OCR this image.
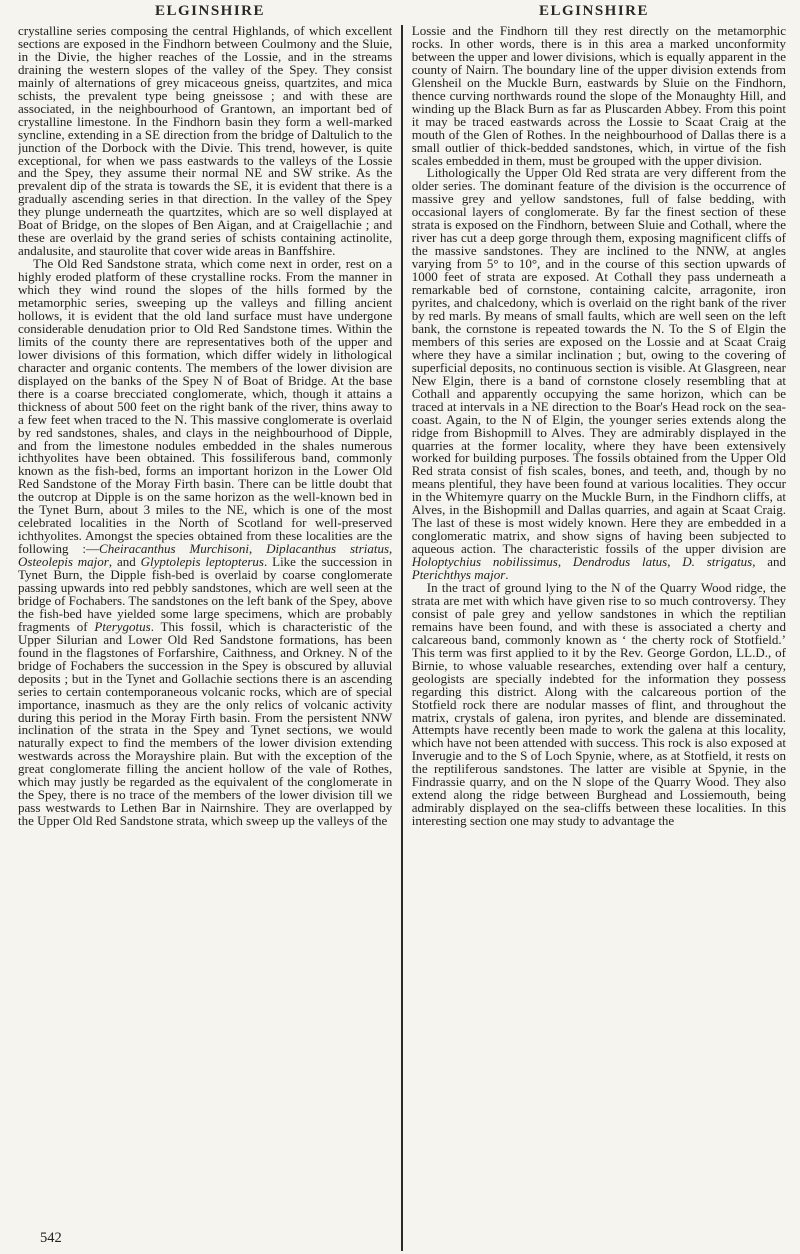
ELGINSHIRE	ELGINSHIRE

crystalline series composing the central Highlands, of which excellent sections are exposed in the Findhorn between Coulmony and the Sluie, in the Divie, the higher reaches of the Lossie, and in the streams draining the western slopes of the valley of the Spey. They consist mainly of alternations of grey micaceous gneiss, quartzites, and mica schists, the prevalent type being gneissose ; and with these are associated, in the neighbourhood of Grantown, an important bed of crystalline limestone. In the Findhorn basin they form a well-marked syncline, extending in a SE direction from the bridge of Daltulich to the junction of the Dorbock with the Divie. This trend, however, is quite exceptional, for when we pass eastwards to the valleys of the Lossie and the Spey, they assume their normal NE and SW strike. As the prevalent dip of the strata is towards the SE, it is evident that there is a gradually ascending series in that direction. In the valley of the Spey they plunge underneath the quartzites, which are so well displayed at Boat of Bridge, on the slopes of Ben Aigan, and at Craigellachie ; and these are overlaid by the grand series of schists containing actinolite, andalusite, and staurolite that cover wide areas in Banffshire.

The Old Red Sandstone strata, which come next in order, rest on a highly eroded platform of these crystalline rocks. From the manner in which they wind round the slopes of the hills formed by the metamorphic series, sweeping up the valleys and filling ancient hollows, it is evident that the old land surface must have undergone considerable denudation prior to Old Red Sandstone times. Within the limits of the county there are representatives both of the upper and lower divisions of this formation, which differ widely in lithological character and organic contents. The members of the lower division are displayed on the banks of the Spey N of Boat of Bridge. At the base there is a coarse brecciated conglomerate, which, though it attains a thickness of about 500 feet on the right bank of the river, thins away to a few feet when traced to the N. This massive conglomerate is overlaid by red sandstones, shales, and clays in the neighbourhood of Dipple, and from the limestone nodules embedded in the shales numerous ichthyolites have been obtained. This fossiliferous band, commonly known as the fish-bed, forms an important horizon in the Lower Old Red Sandstone of the Moray Firth basin. There can be little doubt that the outcrop at Dipple is on the same horizon as the well-known bed in the Tynet Burn, about 3 miles to the NE, which is one of the most celebrated localities in the North of Scotland for well-preserved ichthyolites. Amongst the species obtained from these localities are the following :—Cheiracanthus Murchisoni, Diplacanthus striatus, Osteolepis major, and Glyptolepis leptopterus. Like the succession in Tynet Burn, the Dipple fish-bed is overlaid by coarse conglomerate passing upwards into red pebbly sandstones, which are well seen at the bridge of Fochabers. The sandstones on the left bank of the Spey, above the fish-bed have yielded some large specimens, which are probably fragments of Pterygotus. This fossil, which is characteristic of the Upper Silurian and Lower Old Red Sandstone formations, has been found in the flagstones of Forfarshire, Caithness, and Orkney. N of the bridge of Fochabers the succession in the Spey is obscured by alluvial deposits ; but in the Tynet and Gollachie sections there is an ascending series to certain contemporaneous volcanic rocks, which are of special importance, inasmuch as they are the only relics of volcanic activity during this period in the Moray Firth basin. From the persistent NNW inclination of the strata in the Spey and Tynet sections, we would naturally expect to find the members of the lower division extending westwards across the Morayshire plain. But with the exception of the great conglomerate filling the ancient hollow of the vale of Rothes, which may justly be regarded as the equivalent of the conglomerate in the Spey, there is no trace of the members of the lower division till we pass westwards to Lethen Bar in Nairnshire. They are overlapped by the Upper Old Red Sandstone strata, which sweep up the valleys of the

Lossie and the Findhorn till they rest directly on the metamorphic rocks. In other words, there is in this area a marked unconformity between the upper and lower divisions, which is equally apparent in the county of Nairn. The boundary line of the upper division extends from Glensheil on the Muckle Burn, eastwards by Sluie on the Findhorn, thence curving northwards round the slope of the Monaughty Hill, and winding up the Black Burn as far as Pluscarden Abbey. From this point it may be traced eastwards across the Lossie to Scaat Craig at the mouth of the Glen of Rothes. In the neighbourhood of Dallas there is a small outlier of thick-bedded sandstones, which, in virtue of the fish scales embedded in them, must be grouped with the upper division.

Lithologically the Upper Old Red strata are very different from the older series. The dominant feature of the division is the occurrence of massive grey and yellow sandstones, full of false bedding, with occasional layers of conglomerate. By far the finest section of these strata is exposed on the Findhorn, between Sluie and Cothall, where the river has cut a deep gorge through them, exposing magnificent cliffs of the massive sandstones. They are inclined to the NNW, at angles varying from 5° to 10°, and in the course of this section upwards of 1000 feet of strata are exposed. At Cothall they pass underneath a remarkable bed of cornstone, containing calcite, arragonite, iron pyrites, and chalcedony, which is overlaid on the right bank of the river by red marls. By means of small faults, which are well seen on the left bank, the cornstone is repeated towards the N. To the S of Elgin the members of this series are exposed on the Lossie and at Scaat Craig where they have a similar inclination ; but, owing to the covering of superficial deposits, no continuous section is visible. At Glasgreen, near New Elgin, there is a band of cornstone closely resembling that at Cothall and apparently occupying the same horizon, which can be traced at intervals in a NE direction to the Boar's Head rock on the sea-coast. Again, to the N of Elgin, the younger series extends along the ridge from Bishopmill to Alves. They are admirably displayed in the quarries at the former locality, where they have been extensively worked for building purposes. The fossils obtained from the Upper Old Red strata consist of fish scales, bones, and teeth, and, though by no means plentiful, they have been found at various localities. They occur in the Whitemyre quarry on the Muckle Burn, in the Findhorn cliffs, at Alves, in the Bishopmill and Dallas quarries, and again at Scaat Craig. The last of these is most widely known. Here they are embedded in a conglomeratic matrix, and show signs of having been subjected to aqueous action. The characteristic fossils of the upper division are Holoptychius nobilissimus, Dendrodus latus, D. strigatus, and Pterichthys major.

In the tract of ground lying to the N of the Quarry Wood ridge, the strata are met with which have given rise to so much controversy. They consist of pale grey and yellow sandstones in which the reptilian remains have been found, and with these is associated a cherty and calcareous band, commonly known as ‘ the cherty rock of Stotfield.’ This term was first applied to it by the Rev. George Gordon, LL.D., of Birnie, to whose valuable researches, extending over half a century, geologists are specially indebted for the information they possess regarding this district. Along with the calcareous portion of the Stotfield rock there are nodular masses of flint, and throughout the matrix, crystals of galena, iron pyrites, and blende are disseminated. Attempts have recently been made to work the galena at this locality, which have not been attended with success. This rock is also exposed at Inverugie and to the S of Loch Spynie, where, as at Stotfield, it rests on the reptiliferous sandstones. The latter are visible at Spynie, in the Findrassie quarry, and on the N slope of the Quarry Wood. They also extend along the ridge between Burghead and Lossiemouth, being admirably displayed on the sea-cliffs between these localities. In this interesting section one may study to advantage the

542
